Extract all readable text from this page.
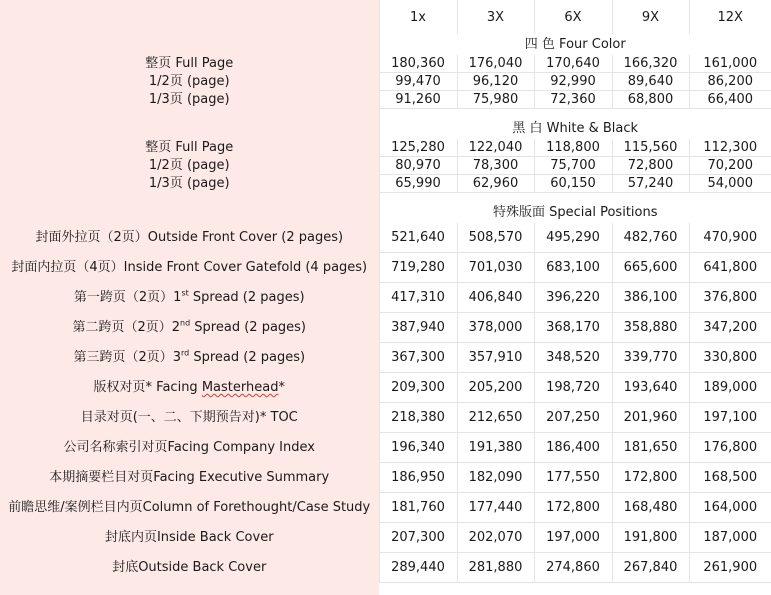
	1x	3X	6X	9X	12X
	四 色 Four Color				
整页 Full Page	180,360	176,040	170,640	166,320	161,000
1/2页 (page)	99,470	96,120	92,990	89,640	86,200
1/3页 (page)	91,260	75,980	72,360	68,800	66,400

	黑 白 White & Black				
整页 Full Page	125,280	122,040	118,800	115,560	112,300
1/2页 (page)	80,970	78,300	75,700	72,800	70,200
1/3页 (page)	65,990	62,960	60,150	57,240	54,000

	特殊版面 Special Positions				
封面外拉页（2页）Outside Front Cover (2 pages)	521,640	508,570	495,290	482,760	470,900
封面内拉页（4页）Inside Front Cover Gatefold (4 pages)	719,280	701,030	683,100	665,600	641,800
第一跨页（2页）1st Spread (2 pages)	417,310	406,840	396,220	386,100	376,800
第二跨页（2页）2nd Spread (2 pages)	387,940	378,000	368,170	358,880	347,200
第三跨页（2页）3rd Spread (2 pages)	367,300	357,910	348,520	339,770	330,800
版权对页* Facing Masterhead*	209,300	205,200	198,720	193,640	189,000
目录对页(一、二、下期预告对)* TOC	218,380	212,650	207,250	201,960	197,100
公司名称索引对页Facing Company Index	196,340	191,380	186,400	181,650	176,800
本期摘要栏目对页Facing Executive Summary	186,950	182,090	177,550	172,800	168,500
前瞻思维/案例栏目内页Column of Forethought/Case Study	181,760	177,440	172,800	168,480	164,000
封底内页Inside Back Cover	207,300	202,070	197,000	191,800	187,000
封底Outside Back Cover	289,440	281,880	274,860	267,840	261,900
